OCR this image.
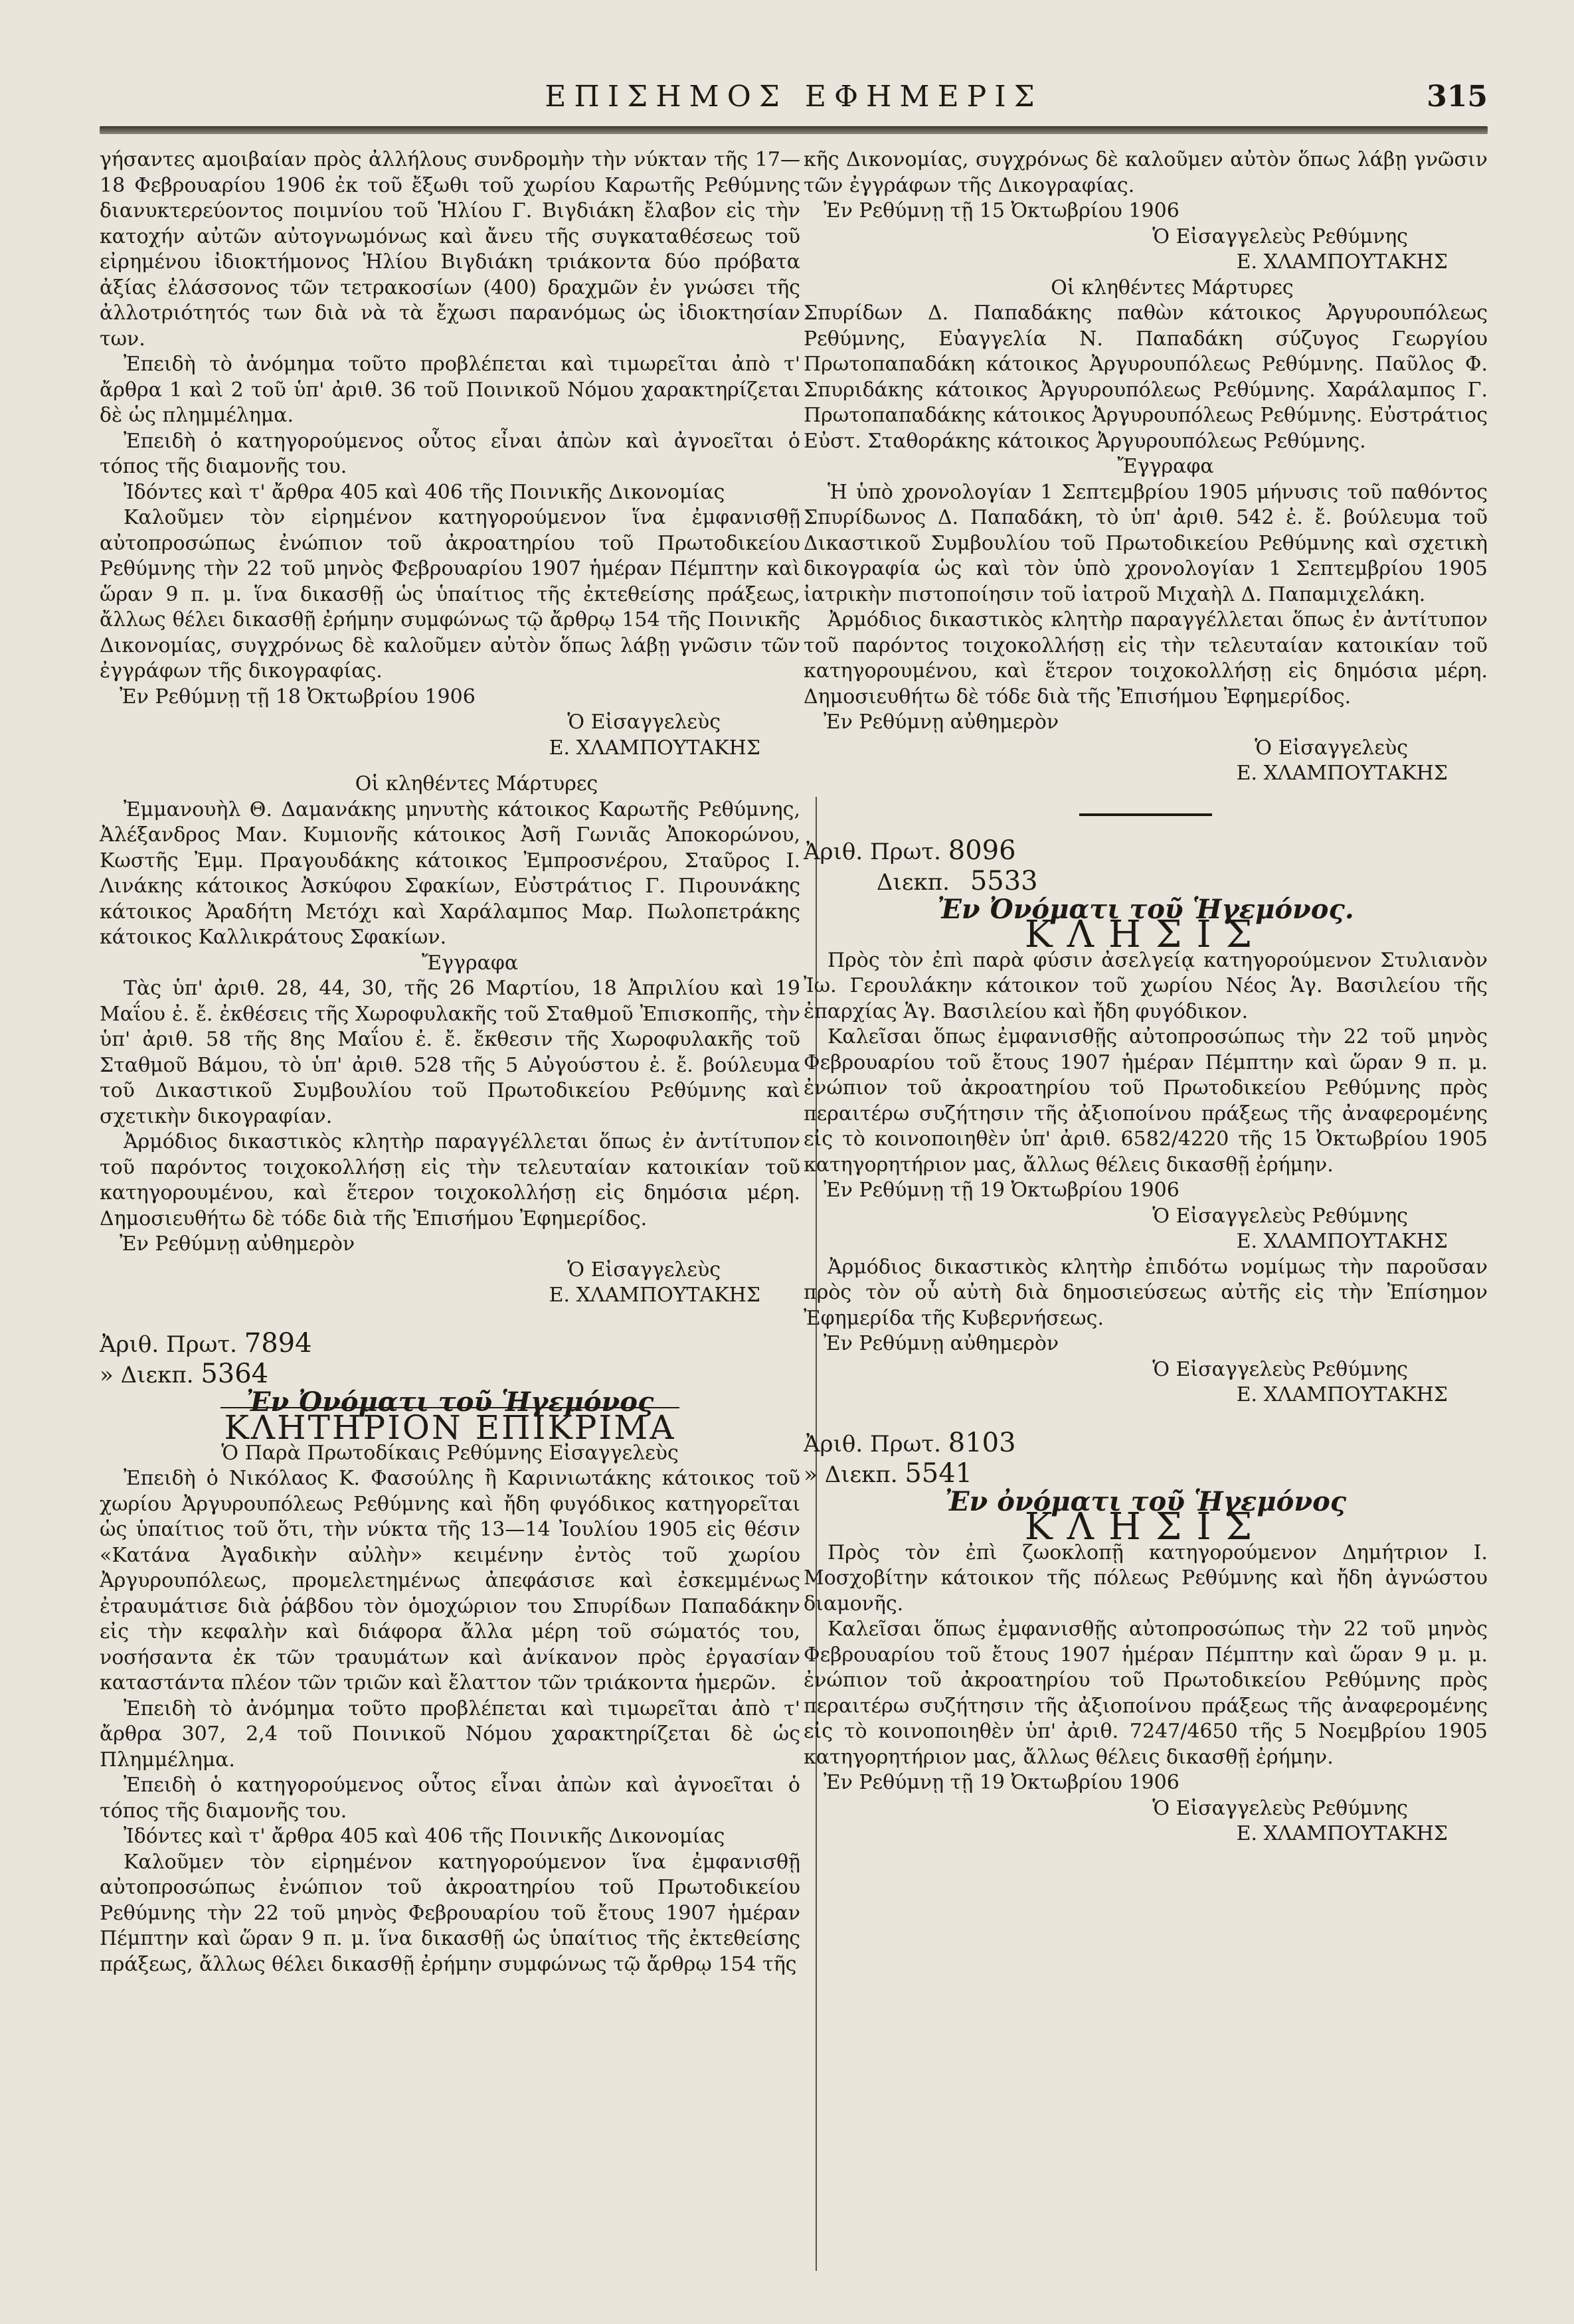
ΕΠΙΣΗΜΟΣ ΕΦΗΜΕΡΙΣ	315

γήσαντες αμοιβαίαν πρὸς ἀλλήλους συνδρομὴν τὴν νύκταν τῆς 17—18 Φεβρουαρίου 1906 ἐκ τοῦ ἔξωθι τοῦ χωρίου Καρωτῆς Ρεθύμνης διανυκτερεύοντος ποιμνίου τοῦ Ἡλίου Γ. Βιγδιάκη ἔλαβον εἰς τὴν κατοχήν αὐτῶν αὐτογνωμόνως καὶ ἄνευ τῆς συγκαταθέσεως τοῦ εἰρημένου ἰδιοκτήμονος Ἡλίου Βιγδιάκη τριάκοντα δύο πρόβατα ἀξίας ἐλάσσονος τῶν τετρακοσίων (400) δραχμῶν ἐν γνώσει τῆς ἀλλοτριότητός των διὰ νὰ τὰ ἔχωσι παρανόμως ὡς ἰδιοκτησίαν των.

Ἐπειδὴ τὸ ἀνόμημα τοῦτο προβλέπεται καὶ τιμωρεῖται ἀπὸ τ' ἄρθρα 1 καὶ 2 τοῦ ὑπ' ἀριθ. 36 τοῦ Ποινικοῦ Νόμου χαρακτηρίζεται δὲ ὡς πλημμέλημα.

Ἐπειδὴ ὁ κατηγορούμενος οὗτος εἶναι ἀπὼν καὶ ἀγνοεῖται ὁ τόπος τῆς διαμονῆς του.

Ἰδόντες καὶ τ' ἄρθρα 405 καὶ 406 τῆς Ποινικῆς Δικονομίας

Καλοῦμεν τὸν εἰρημένον κατηγορούμενον ἵνα ἐμφανισθῇ αὐτοπροσώπως ἐνώπιον τοῦ ἀκροατηρίου τοῦ Πρωτοδικείου Ρεθύμνης τὴν 22 τοῦ μηνὸς Φεβρουαρίου 1907 ἡμέραν Πέμπτην καὶ ὥραν 9 π. μ. ἵνα δικασθῇ ὡς ὑπαίτιος τῆς ἐκτεθείσης πράξεως, ἄλλως θέλει δικασθῇ ἐρήμην συμφώνως τῷ ἄρθρῳ 154 τῆς Ποινικῆς Δικονομίας, συγχρόνως δὲ καλοῦμεν αὐτὸν ὅπως λάβῃ γνῶσιν τῶν ἐγγράφων τῆς δικογραφίας.

Ἐν Ρεθύμνῃ τῇ 18 Ὀκτωβρίου 1906

Ὁ Εἰσαγγελεὺς

Ε. ΧΛΑΜΠΟΥΤΑΚΗΣ

Οἱ κληθέντες Μάρτυρες

Ἐμμανουὴλ Θ. Δαμανάκης μηνυτὴς κάτοικος Καρωτῆς Ρεθύμνης, Ἀλέξανδρος Μαν. Κυμιονῆς κάτοικος Ἀσῆ Γωνιᾶς Ἀποκορώνου, Κωστῆς Ἐμμ. Πραγουδάκης κάτοικος Ἐμπροσνέρου, Σταῦρος Ι. Λινάκης κάτοικος Ἀσκύφου Σφακίων, Εὐστράτιος Γ. Πιρουνάκης κάτοικος Ἀραδήτη Μετόχι καὶ Χαράλαμπος Μαρ. Πωλοπετράκης κάτοικος Καλλικράτους Σφακίων.

Ἔγγραφα

Τὰς ὑπ' ἀριθ. 28, 44, 30, τῆς 26 Μαρτίου, 18 Ἀπριλίου καὶ 19 Μαΐου ἐ. ἔ. ἐκθέσεις τῆς Χωροφυλακῆς τοῦ Σταθμοῦ Ἐπισκοπῆς, τὴν ὑπ' ἀριθ. 58 τῆς 8ης Μαΐου ἐ. ἔ. ἔκθεσιν τῆς Χωροφυλακῆς τοῦ Σταθμοῦ Βάμου, τὸ ὑπ' ἀριθ. 528 τῆς 5 Αὐγούστου ἐ. ἔ. βούλευμα τοῦ Δικαστικοῦ Συμβουλίου τοῦ Πρωτοδικείου Ρεθύμνης καὶ σχετικὴν δικογραφίαν.

Ἀρμόδιος δικαστικὸς κλητὴρ παραγγέλλεται ὅπως ἐν ἀντίτυπον τοῦ παρόντος τοιχοκολλήσῃ εἰς τὴν τελευταίαν κατοικίαν τοῦ κατηγορουμένου, καὶ ἕτερον τοιχοκολλήσῃ εἰς δημόσια μέρη. Δημοσιευθήτω δὲ τόδε διὰ τῆς Ἐπισήμου Ἐφημερίδος.

Ἐν Ρεθύμνῃ αὐθημερὸν

Ὁ Εἰσαγγελεὺς

Ε. ΧΛΑΜΠΟΥΤΑΚΗΣ

Ἀριθ. Πρωτ. 7894
» Διεκπ. 5364

Ἐν Ὀνόματι τοῦ Ἡγεμόνος

ΚΛΗΤΗΡΙΟΝ ΕΠΙΚΡΙΜΑ

Ὁ Παρὰ Πρωτοδίκαις Ρεθύμνης Εἰσαγγελεὺς

Ἐπειδὴ ὁ Νικόλαος Κ. Φασούλης ἢ Καρινιωτάκης κάτοικος τοῦ χωρίου Ἀργυρουπόλεως Ρεθύμνης καὶ ἤδη φυγόδικος κατηγορεῖται ὡς ὑπαίτιος τοῦ ὅτι, τὴν νύκτα τῆς 13—14 Ἰουλίου 1905 εἰς θέσιν «Κατάνα Ἀγαδικὴν αὐλὴν» κειμένην ἐντὸς τοῦ χωρίου Ἀργυρουπόλεως, προμελετημένως ἀπεφάσισε καὶ ἐσκεμμένως ἐτραυμάτισε διὰ ῥάβδου τὸν ὁμοχώριον του Σπυρίδων Παπαδάκην εἰς τὴν κεφαλὴν καὶ διάφορα ἄλλα μέρη τοῦ σώματός του, νοσήσαντα ἐκ τῶν τραυμάτων καὶ ἀνίκανον πρὸς ἐργασίαν καταστάντα πλέον τῶν τριῶν καὶ ἔλαττον τῶν τριάκοντα ἡμερῶν.

Ἐπειδὴ τὸ ἀνόμημα τοῦτο προβλέπεται καὶ τιμωρεῖται ἀπὸ τ' ἄρθρα 307, 2,4 τοῦ Ποινικοῦ Νόμου χαρακτηρίζεται δὲ ὡς Πλημμέλημα.

Ἐπειδὴ ὁ κατηγορούμενος οὗτος εἶναι ἀπὼν καὶ ἀγνοεῖται ὁ τόπος τῆς διαμονῆς του.

Ἰδόντες καὶ τ' ἄρθρα 405 καὶ 406 τῆς Ποινικῆς Δικονομίας

Καλοῦμεν τὸν εἰρημένον κατηγορούμενον ἵνα ἐμφανισθῇ αὐτοπροσώπως ἐνώπιον τοῦ ἀκροατηρίου τοῦ Πρωτοδικείου Ρεθύμνης τὴν 22 τοῦ μηνὸς Φεβρουαρίου τοῦ ἔτους 1907 ἡμέραν Πέμπτην καὶ ὥραν 9 π. μ. ἵνα δικασθῇ ὡς ὑπαίτιος τῆς ἐκτεθείσης πράξεως, ἄλλως θέλει δικασθῇ ἐρήμην συμφώνως τῷ ἄρθρῳ 154 τῆς

κῆς Δικονομίας, συγχρόνως δὲ καλοῦμεν αὐτὸν ὅπως λάβῃ γνῶσιν τῶν ἐγγράφων τῆς Δικογραφίας.

Ἐν Ρεθύμνῃ τῇ 15 Ὀκτωβρίου 1906

Ὁ Εἰσαγγελεὺς Ρεθύμνης

Ε. ΧΛΑΜΠΟΥΤΑΚΗΣ

Οἱ κληθέντες Μάρτυρες

Σπυρίδων Δ. Παπαδάκης παθὼν κάτοικος Ἀργυρουπόλεως Ρεθύμνης, Εὐαγγελία Ν. Παπαδάκη σύζυγος Γεωργίου Πρωτοπαπαδάκη κάτοικος Ἀργυρουπόλεως Ρεθύμνης. Παῦλος Φ. Σπυριδάκης κάτοικος Ἀργυρουπόλεως Ρεθύμνης. Χαράλαμπος Γ. Πρωτοπαπαδάκης κάτοικος Ἀργυρουπόλεως Ρεθύμνης. Εὐστράτιος Εὐστ. Σταθοράκης κάτοικος Ἀργυρουπόλεως Ρεθύμνης.

Ἔγγραφα

Ἡ ὑπὸ χρονολογίαν 1 Σεπτεμβρίου 1905 μήνυσις τοῦ παθόντος Σπυρίδωνος Δ. Παπαδάκη, τὸ ὑπ' ἀριθ. 542 ἐ. ἔ. βούλευμα τοῦ Δικαστικοῦ Συμβουλίου τοῦ Πρωτοδικείου Ρεθύμνης καὶ σχετικὴ δικογραφία ὡς καὶ τὸν ὑπὸ χρονολογίαν 1 Σεπτεμβρίου 1905 ἰατρικὴν πιστοποίησιν τοῦ ἰατροῦ Μιχαὴλ Δ. Παπαμιχελάκη.

Ἀρμόδιος δικαστικὸς κλητὴρ παραγγέλλεται ὅπως ἐν ἀντίτυπον τοῦ παρόντος τοιχοκολλήσῃ εἰς τὴν τελευταίαν κατοικίαν τοῦ κατηγορουμένου, καὶ ἕτερον τοιχοκολλήσῃ εἰς δημόσια μέρη. Δημοσιευθήτω δὲ τόδε διὰ τῆς Ἐπισήμου Ἐφημερίδος.

Ἐν Ρεθύμνῃ αὐθημερὸν

Ὁ Εἰσαγγελεὺς

Ε. ΧΛΑΜΠΟΥΤΑΚΗΣ

Ἀριθ. Πρωτ. 8096
Διεκπ. 5533

Ἐν Ὀνόματι τοῦ Ἡγεμόνος.

ΚΛΗΣΙΣ

Πρὸς τὸν ἐπὶ παρὰ φύσιν ἀσελγείᾳ κατηγορούμενον Στυλιανὸν Ἰω. Γερουλάκην κάτοικον τοῦ χωρίου Νέος Ἁγ. Βασιλείου τῆς ἐπαρχίας Ἁγ. Βασιλείου καὶ ἤδη φυγόδικον.

Καλεῖσαι ὅπως ἐμφανισθῇς αὐτοπροσώπως τὴν 22 τοῦ μηνὸς Φεβρουαρίου τοῦ ἔτους 1907 ἡμέραν Πέμπτην καὶ ὥραν 9 π. μ. ἐνώπιον τοῦ ἀκροατηρίου τοῦ Πρωτοδικείου Ρεθύμνης πρὸς περαιτέρω συζήτησιν τῆς ἀξιοποίνου πράξεως τῆς ἀναφερομένης εἰς τὸ κοινοποιηθὲν ὑπ' ἀριθ. 6582/4220 τῆς 15 Ὀκτωβρίου 1905 κατηγορητήριον μας, ἄλλως θέλεις δικασθῇ ἐρήμην.

Ἐν Ρεθύμνῃ τῇ 19 Ὀκτωβρίου 1906

Ὁ Εἰσαγγελεὺς Ρεθύμνης

Ε. ΧΛΑΜΠΟΥΤΑΚΗΣ

Ἀρμόδιος δικαστικὸς κλητὴρ ἐπιδότω νομίμως τὴν παροῦσαν πρὸς τὸν οὗ αὐτὴ διὰ δημοσιεύσεως αὐτῆς εἰς τὴν Ἐπίσημον Ἐφημερίδα τῆς Κυβερνήσεως.

Ἐν Ρεθύμνῃ αὐθημερὸν

Ὁ Εἰσαγγελεὺς Ρεθύμνης

Ε. ΧΛΑΜΠΟΥΤΑΚΗΣ

Ἀριθ. Πρωτ. 8103
» Διεκπ. 5541

Ἐν ὀνόματι τοῦ Ἡγεμόνος

ΚΛΗΣΙΣ

Πρὸς τὸν ἐπὶ ζωοκλοπῇ κατηγορούμενον Δημήτριον Ι. Μοσχοβίτην κάτοικον τῆς πόλεως Ρεθύμνης καὶ ἤδη ἀγνώστου διαμονῆς.

Καλεῖσαι ὅπως ἐμφανισθῇς αὐτοπροσώπως τὴν 22 τοῦ μηνὸς Φεβρουαρίου τοῦ ἔτους 1907 ἡμέραν Πέμπτην καὶ ὥραν 9 μ. μ. ἐνώπιον τοῦ ἀκροατηρίου τοῦ Πρωτοδικείου Ρεθύμνης πρὸς περαιτέρω συζήτησιν τῆς ἀξιοποίνου πράξεως τῆς ἀναφερομένης εἰς τὸ κοινοποιηθὲν ὑπ' ἀριθ. 7247/4650 τῆς 5 Νοεμβρίου 1905 κατηγορητήριον μας, ἄλλως θέλεις δικασθῇ ἐρήμην.

Ἐν Ρεθύμνῃ τῇ 19 Ὀκτωβρίου 1906

Ὁ Εἰσαγγελεὺς Ρεθύμνης

Ε. ΧΛΑΜΠΟΥΤΑΚΗΣ
